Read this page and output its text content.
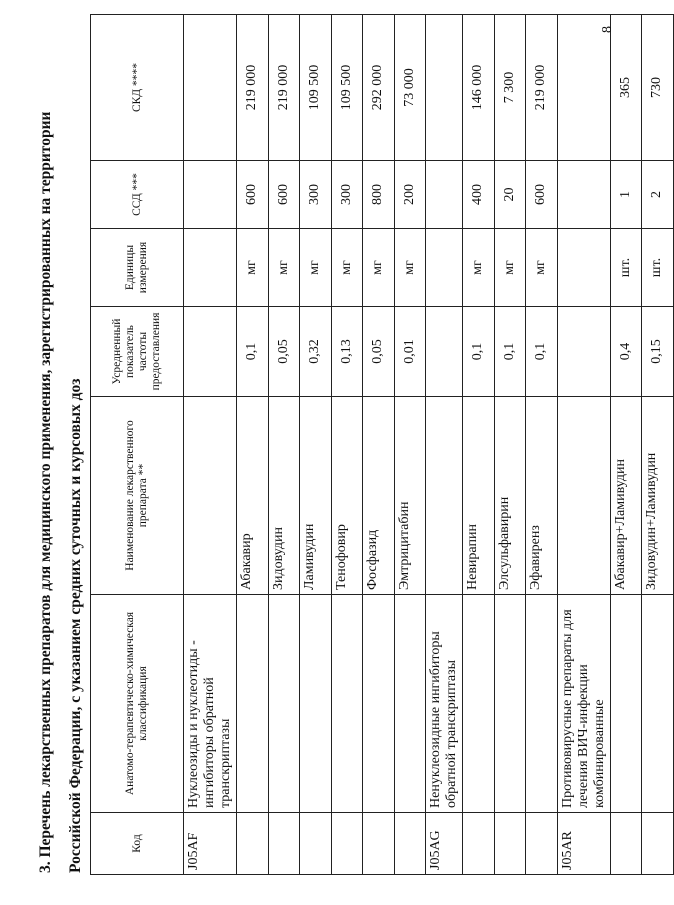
3. Перечень лекарственных препаратов для медицинского применения, зарегистрированных на территории Российской Федерации, с указанием средних суточных и курсовых доз	Код	Анатомо-терапевтическо-химическая классификация	Наименование лекарственного препарата **	Усредненный показатель частоты предоставления	Единицы измерения	ССД ***	СКД ****
J05AF	Нуклеозиды и нуклеотиды - ингибиторы обратной транскриптазы					
		Абакавир	0,1	мг	600	219 000
		Зидовудин	0,05	мг	600	219 000
		Ламивудин	0,32	мг	300	109 500
		Тенофовир	0,13	мг	300	109 500
		Фосфазид	0,05	мг	800	292 000
		Эмтрицитабин	0,01	мг	200	73 000
J05AG	Ненуклеозидные ингибиторы обратной транскриптазы					
		Невирапин	0,1	мг	400	146 000
		Элсульфавирин	0,1	мг	20	7 300
		Эфавиренз	0,1	мг	600	219 000
J05AR	Противовирусные препараты для лечения ВИЧ-инфекции комбинированные					
		Абакавир+Ламивудин	0,4	шт.	1	365
		Зидовудин+Ламивудин	0,15	шт.	2	730
8
